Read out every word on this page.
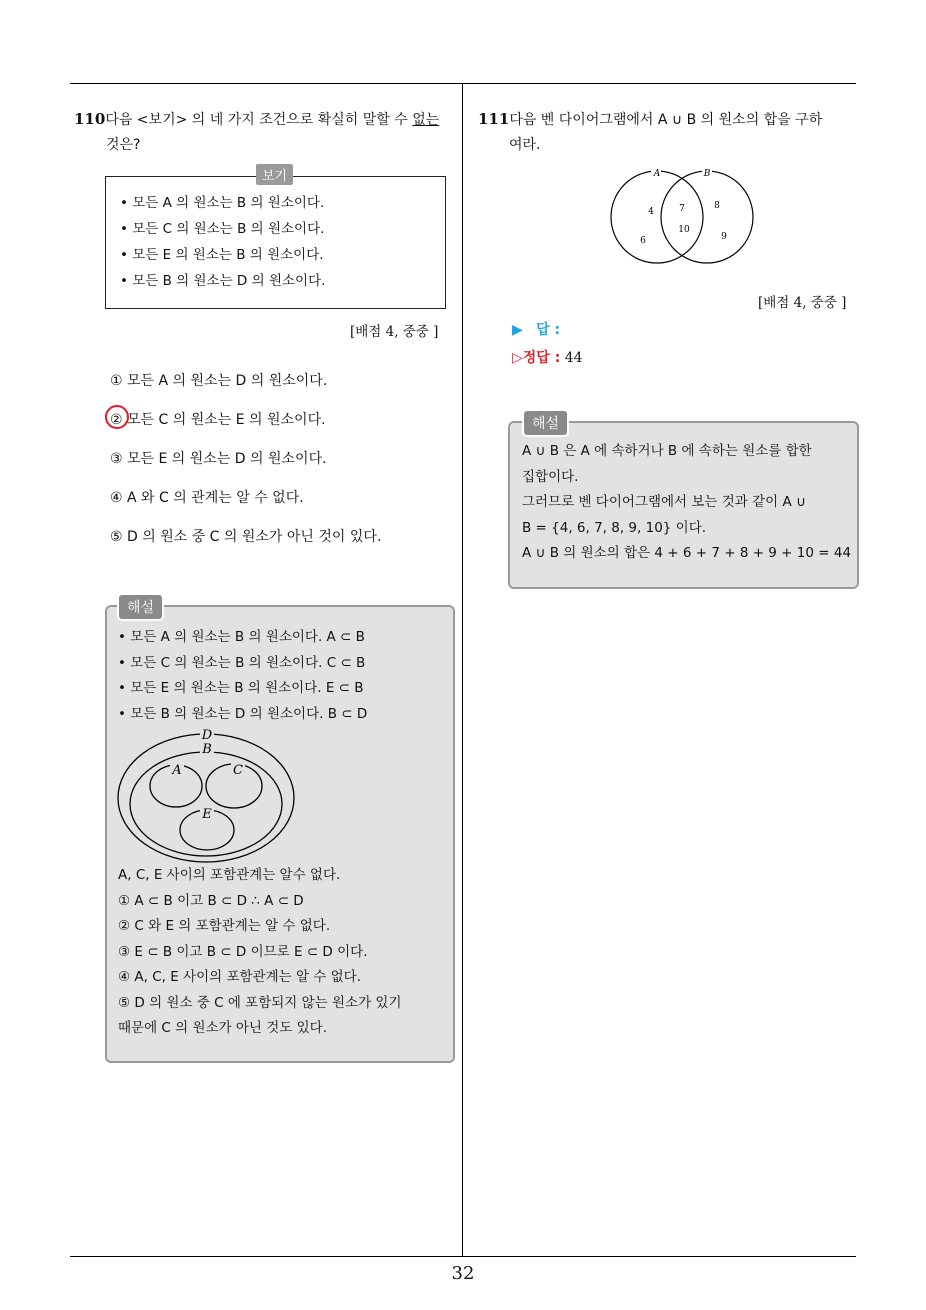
110다음 <보기> 의 네 가지 조건으로 확실히 말할 수 없는
것은?
• 모든 A 의 원소는 B 의 원소이다.
• 모든 C 의 원소는 B 의 원소이다.
• 모든 E 의 원소는 B 의 원소이다.
• 모든 B 의 원소는 D 의 원소이다.
보기
[배점 4, 중중 ]
① 모든 A 의 원소는 D 의 원소이다.
② 모든 C 의 원소는 E 의 원소이다.
③ 모든 E 의 원소는 D 의 원소이다.
④ A 와 C 의 관계는 알 수 없다.
⑤ D 의 원소 중 C 의 원소가 아닌 것이 있다.
해설
• 모든 A 의 원소는 B 의 원소이다. A ⊂ B
• 모든 C 의 원소는 B 의 원소이다. C ⊂ B
• 모든 E 의 원소는 B 의 원소이다. E ⊂ B
• 모든 B 의 원소는 D 의 원소이다. B ⊂ D
D
B
A	C
E
A, C, E 사이의 포함관계는 알수 없다.
① A ⊂ B 이고 B ⊂ D ∴ A ⊂ D
② C 와 E 의 포함관계는 알 수 없다.
③ E ⊂ B 이고 B ⊂ D 이므로 E ⊂ D 이다.
④ A, C, E 사이의 포함관계는 알 수 없다.
⑤ D 의 원소 중 C 에 포함되지 않는 원소가 있기
때문에 C 의 원소가 아닌 것도 있다.
111다음 벤 다이어그램에서 A ∪ B 의 원소의 합을 구하
여라.
A	B
4
6
7
10
8
9
[배점 4, 중중 ]
▶ 답 :
▷정답 : 44
해설
A ∪ B 은 A 에 속하거나 B 에 속하는 원소를 합한
집합이다.
그러므로 벤 다이어그램에서 보는 것과 같이 A ∪
B = {4, 6, 7, 8, 9, 10} 이다.
A ∪ B 의 원소의 합은 4 + 6 + 7 + 8 + 9 + 10 = 44
32
